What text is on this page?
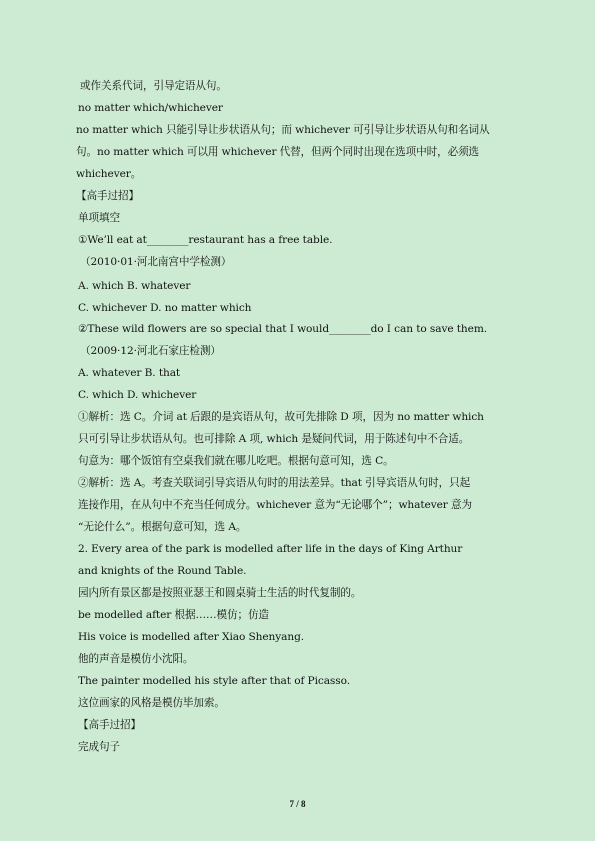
或作关系代词，引导定语从句。
no matter which/whichever
no matter which 只能引导让步状语从句；而 whichever 可引导让步状语从句和名词从
句。no matter which 可以用 whichever 代替，但两个同时出现在选项中时，必须选
whichever。
【高手过招】
单项填空
①We’ll eat at________restaurant has a free table.
（2010·01·河北南宫中学检测）
A. which B. whatever
C. whichever D. no matter which
②These wild flowers are so special that I would________do I can to save them.
（2009·12·河北石家庄检测）
A. whatever B. that
C. which D. whichever
①解析：选 C。介词 at 后跟的是宾语从句，故可先排除 D 项，因为 no matter which
只可引导让步状语从句。也可排除 A 项, which 是疑问代词，用于陈述句中不合适。
句意为：哪个饭馆有空桌我们就在哪儿吃吧。根据句意可知，选 C。
②解析：选 A。考查关联词引导宾语从句时的用法差异。that 引导宾语从句时，只起
连接作用，在从句中不充当任何成分。whichever 意为“无论哪个”；whatever 意为
“无论什么”。根据句意可知，选 A。
2. Every area of the park is modelled after life in the days of King Arthur
and knights of the Round Table.
园内所有景区都是按照亚瑟王和圆桌骑士生活的时代复制的。
be modelled after 根据……模仿；仿造
His voice is modelled after Xiao Shenyang.
他的声音是模仿小沈阳。
The painter modelled his style after that of Picasso.
这位画家的风格是模仿毕加索。
【高手过招】
完成句子
7 / 8
